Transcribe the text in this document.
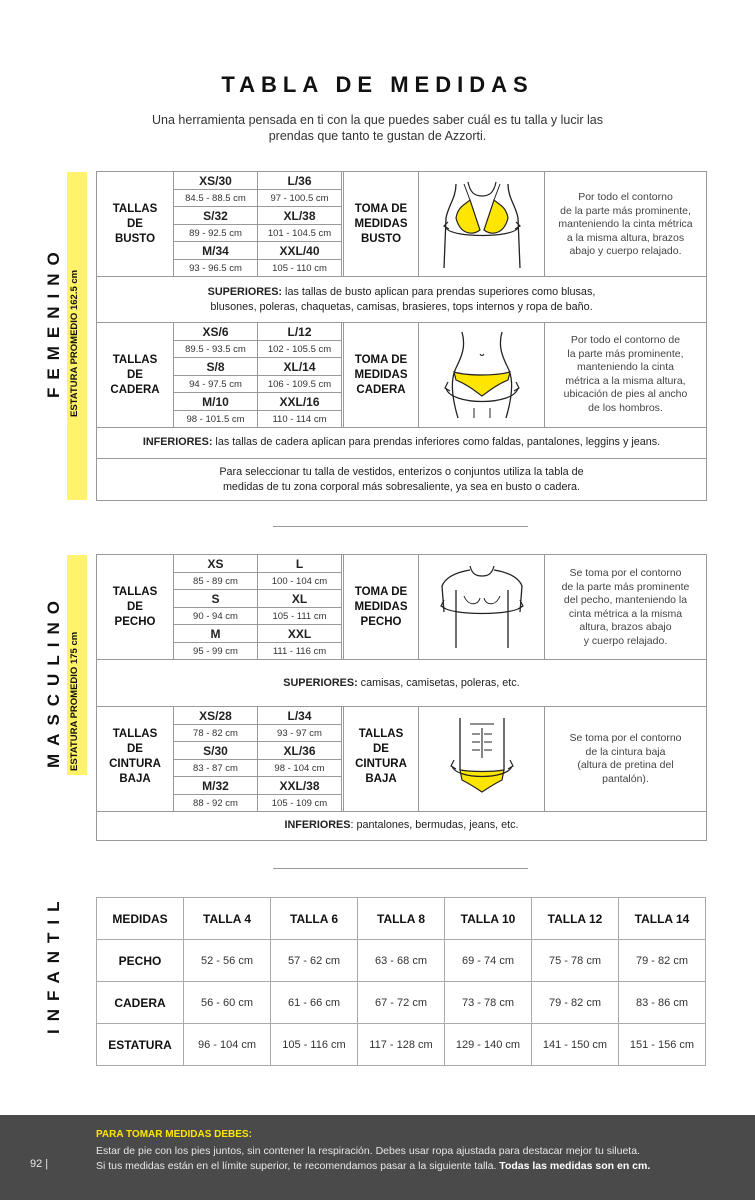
TABLA DE MEDIDAS
Una herramienta pensada en ti con la que puedes saber cuál es tu talla y lucir las prendas que tanto te gustan de Azzorti.
FEMENINO ESTATURA PROMEDIO 162.5 cm
TALLAS
DE
BUSTO
XS/30	L/36
84.5 - 88.5 cm	97 - 100.5 cm
S/32	XL/38
89 - 92.5 cm	101 - 104.5 cm
M/34	XXL/40
93 - 96.5 cm	105 - 110 cm
TOMA DE
MEDIDAS
BUSTO
Por todo el contorno
de la parte más prominente,
manteniendo la cinta métrica
a la misma altura, brazos
abajo y cuerpo relajado.
SUPERIORES: las tallas de busto aplican para prendas superiores como blusas,
blusones, poleras, chaquetas, camisas, brasieres, tops internos y ropa de baño.
TALLAS
DE
CADERA
XS/6	L/12
89.5 - 93.5 cm	102 - 105.5 cm
S/8	XL/14
94 - 97.5 cm	106 - 109.5 cm
M/10	XXL/16
98 - 101.5 cm	110 - 114 cm
TOMA DE
MEDIDAS
CADERA
Por todo el contorno de
la parte más prominente,
manteniendo la cinta
métrica a la misma altura,
ubicación de pies al ancho
de los hombros.
INFERIORES: las tallas de cadera aplican para prendas inferiores como faldas, pantalones, leggins y jeans.
Para seleccionar tu talla de vestidos, enterizos o conjuntos utiliza la tabla de
medidas de tu zona corporal más sobresaliente, ya sea en busto o cadera.
MASCULINO ESTATURA PROMEDIO 175 cm
TALLAS
DE
PECHO
XS	L
85 - 89 cm	100 - 104 cm
S	XL
90 - 94 cm	105 - 111 cm
M	XXL
95 - 99 cm	111 - 116 cm
TOMA DE
MEDIDAS
PECHO
Se toma por el contorno
de la parte más prominente
del pecho, manteniendo la
cinta métrica a la misma
altura, brazos abajo
y cuerpo relajado.
SUPERIORES: camisas, camisetas, poleras, etc.
TALLAS
DE
CINTURA
BAJA
XS/28	L/34
78 - 82 cm	93 - 97 cm
S/30	XL/36
83 - 87 cm	98 - 104 cm
M/32	XXL/38
88 - 92 cm	105 - 109 cm
TALLAS
DE
CINTURA
BAJA
Se toma por el contorno
de la cintura baja
(altura de pretina del
pantalón).
INFERIORES: pantalones, bermudas, jeans, etc.
INFANTIL	MEDIDAS	TALLA 4	TALLA 6	TALLA 8	TALLA 10	TALLA 12	TALLA 14
PECHO	52 - 56 cm	57 - 62 cm	63 - 68 cm	69 - 74 cm	75 - 78 cm	79 - 82 cm
CADERA	56 - 60 cm	61 - 66 cm	67 - 72 cm	73 - 78 cm	79 - 82 cm	83 - 86 cm
ESTATURA	96 - 104 cm	105 - 116 cm	117 - 128 cm	129 - 140 cm	141 - 150 cm	151 - 156 cm
PARA TOMAR MEDIDAS DEBES:
Estar de pie con los pies juntos, sin contener la respiración. Debes usar ropa ajustada para destacar mejor tu silueta.
Si tus medidas están en el límite superior, te recomendamos pasar a la siguiente talla. Todas las medidas son en cm.
92 |
